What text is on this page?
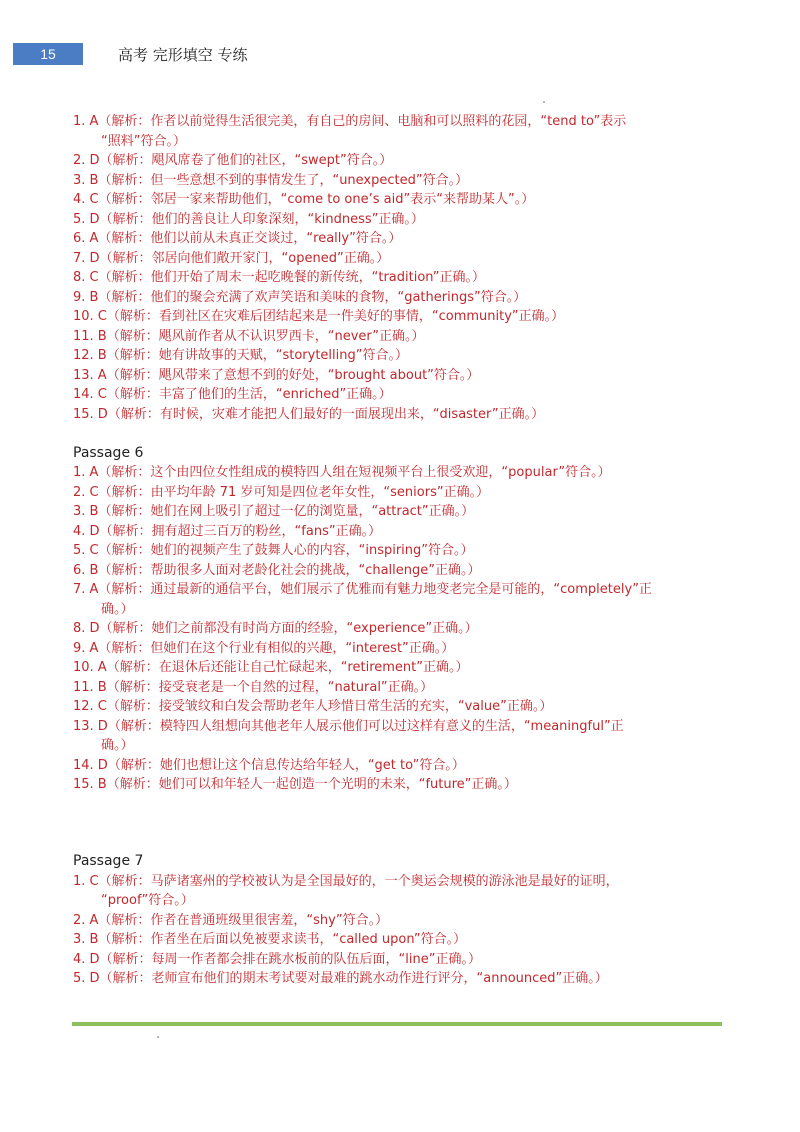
15	高考 完形填空 专练
1. A（解析：作者以前觉得生活很完美，有自己的房间、电脑和可以照料的花园，“tend to”表示
“照料”符合。）
2. D（解析：飓风席卷了他们的社区，“swept”符合。）
3. B（解析：但一些意想不到的事情发生了，“unexpected”符合。）
4. C（解析：邻居一家来帮助他们，“come to one’s aid”表示“来帮助某人”。）
5. D（解析：他们的善良让人印象深刻，“kindness”正确。）
6. A（解析：他们以前从未真正交谈过，“really”符合。）
7. D（解析：邻居向他们敞开家门，“opened”正确。）
8. C（解析：他们开始了周末一起吃晚餐的新传统，“tradition”正确。）
9. B（解析：他们的聚会充满了欢声笑语和美味的食物，“gatherings”符合。）
10. C（解析：看到社区在灾难后团结起来是一件美好的事情，“community”正确。）
11. B（解析：飓风前作者从不认识罗西卡，“never”正确。）
12. B（解析：她有讲故事的天赋，“storytelling”符合。）
13. A（解析：飓风带来了意想不到的好处，“brought about”符合。）
14. C（解析：丰富了他们的生活，“enriched”正确。）
15. D（解析：有时候，灾难才能把人们最好的一面展现出来，“disaster”正确。）
Passage 6
1. A（解析：这个由四位女性组成的模特四人组在短视频平台上很受欢迎，“popular”符合。）
2. C（解析：由平均年龄 71 岁可知是四位老年女性，“seniors”正确。）
3. B（解析：她们在网上吸引了超过一亿的浏览量，“attract”正确。）
4. D（解析：拥有超过三百万的粉丝，“fans”正确。）
5. C（解析：她们的视频产生了鼓舞人心的内容，“inspiring”符合。）
6. B（解析：帮助很多人面对老龄化社会的挑战，“challenge”正确。）
7. A（解析：通过最新的通信平台，她们展示了优雅而有魅力地变老完全是可能的，“completely”正
确。）
8. D（解析：她们之前都没有时尚方面的经验，“experience”正确。）
9. A（解析：但她们在这个行业有相似的兴趣，“interest”正确。）
10. A（解析：在退休后还能让自己忙碌起来，“retirement”正确。）
11. B（解析：接受衰老是一个自然的过程，“natural”正确。）
12. C（解析：接受皱纹和白发会帮助老年人珍惜日常生活的充实，“value”正确。）
13. D（解析：模特四人组想向其他老年人展示他们可以过这样有意义的生活，“meaningful”正
确。）
14. D（解析：她们也想让这个信息传达给年轻人，“get to”符合。）
15. B（解析：她们可以和年轻人一起创造一个光明的未来，“future”正确。）
Passage 7
1. C（解析：马萨诸塞州的学校被认为是全国最好的，一个奥运会规模的游泳池是最好的证明，
“proof”符合。）
2. A（解析：作者在普通班级里很害羞，“shy”符合。）
3. B（解析：作者坐在后面以免被要求读书，“called upon”符合。）
4. D（解析：每周一作者都会排在跳水板前的队伍后面，“line”正确。）
5. D（解析：老师宣布他们的期末考试要对最难的跳水动作进行评分，“announced”正确。）
